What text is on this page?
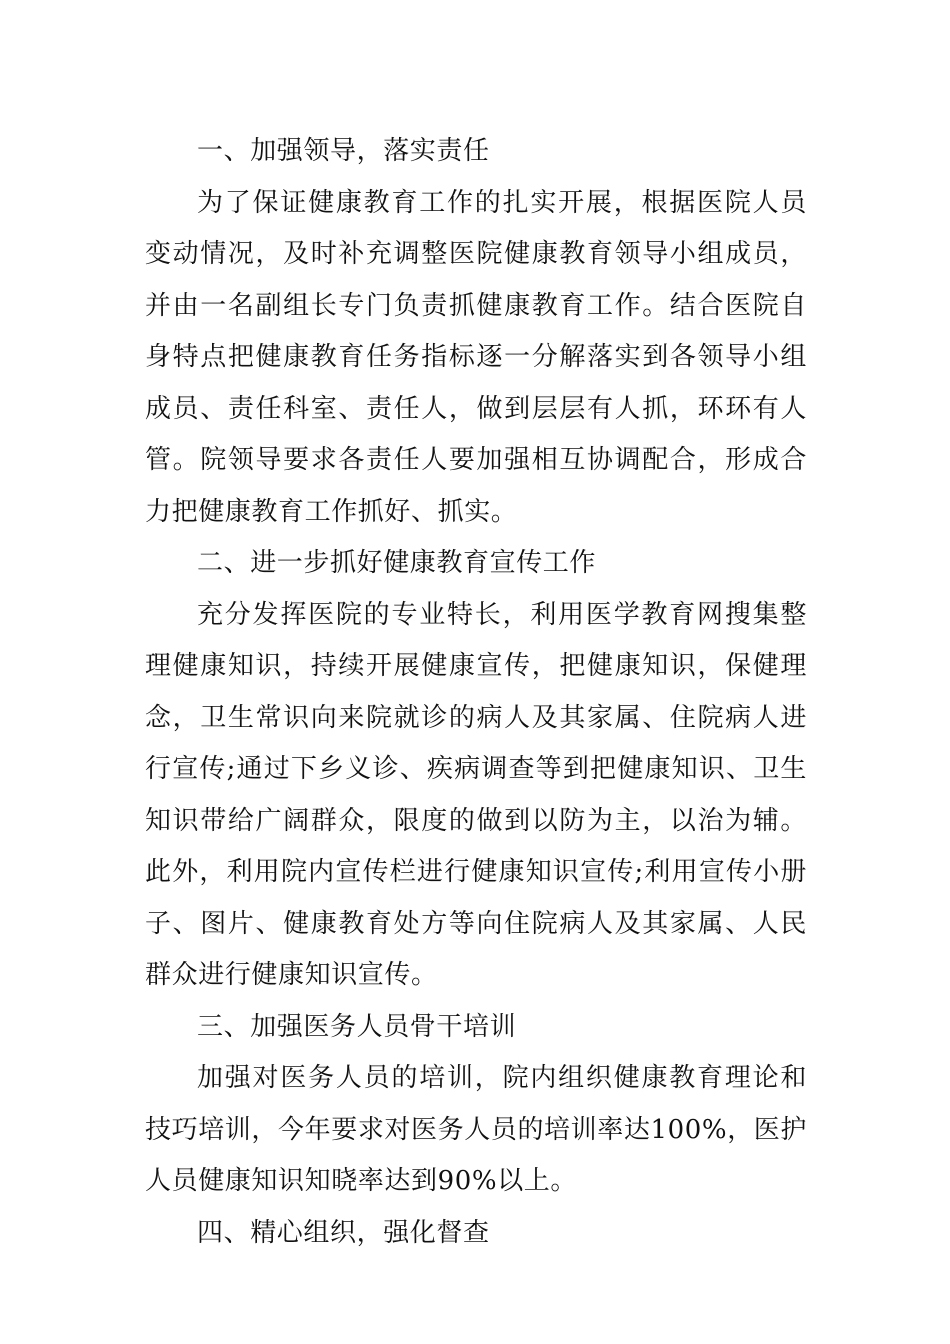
一、加强领导，落实责任

为了保证健康教育工作的扎实开展，根据医院人员变动情况，及时补充调整医院健康教育领导小组成员，并由一名副组长专门负责抓健康教育工作。结合医院自身特点把健康教育任务指标逐一分解落实到各领导小组成员、责任科室、责任人，做到层层有人抓，环环有人管。院领导要求各责任人要加强相互协调配合，形成合力把健康教育工作抓好、抓实。

二、进一步抓好健康教育宣传工作

充分发挥医院的专业特长，利用医学教育网搜集整理健康知识，持续开展健康宣传，把健康知识，保健理念，卫生常识向来院就诊的病人及其家属、住院病人进行宣传;通过下乡义诊、疾病调查等到把健康知识、卫生知识带给广阔群众，限度的做到以防为主，以治为辅。此外，利用院内宣传栏进行健康知识宣传;利用宣传小册子、图片、健康教育处方等向住院病人及其家属、人民群众进行健康知识宣传。

三、加强医务人员骨干培训

加强对医务人员的培训，院内组织健康教育理论和技巧培训，今年要求对医务人员的培训率达100%，医护人员健康知识知晓率达到90%以上。

四、精心组织，强化督查
